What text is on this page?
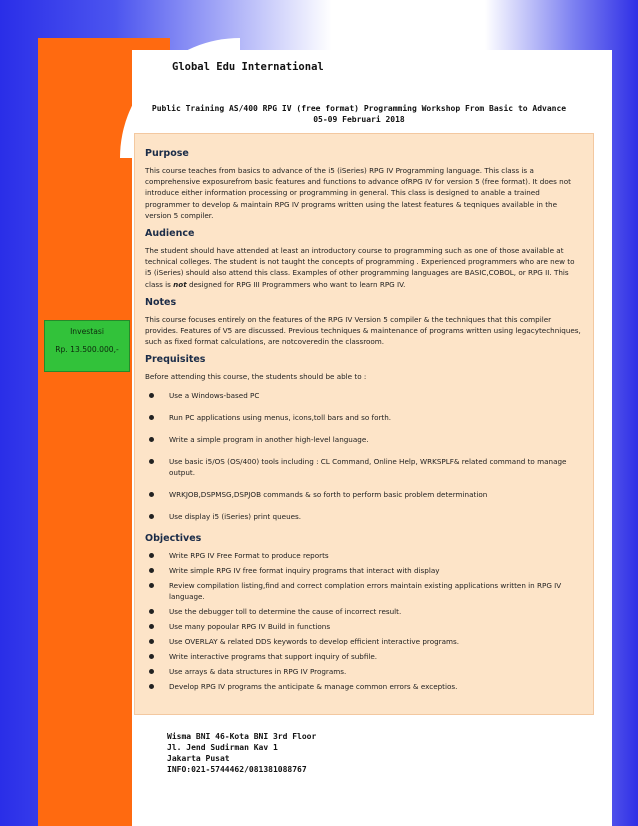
Global Edu International
Public Training AS/400 RPG IV (free format) Programming Workshop From Basic to Advance
05-09 Februari 2018
Investasi
Rp. 13.500.000,-
Purpose
This course teaches from basics to advance of the i5 (iSeries) RPG IV Programming language. This class is a comprehensive exposurefrom basic features and functions to advance ofRPG IV for version 5 (free format). It does not introduce either information processing or programming in general. This class is designed to anable a trained programmer to develop & maintain RPG IV programs written using the latest features & teqniques available in the version 5 compiler.
Audience
The student should have attended at least an introductory course to programming such as one of those available at technical colleges. The student is not taught the concepts of programming . Experienced programmers who are new to i5 (iSeries) should also attend this class. Examples of other programming languages are BASIC,COBOL, or RPG II. This class is not designed for RPG III Programmers who want to learn RPG IV.
Notes
This course focuses entirely on the features of the RPG IV Version 5 compiler & the techniques that this compiler provides. Features of V5 are discussed. Previous techniques & maintenance of programs written using legacytechniques, such as fixed format calculations, are notcoveredin the classroom.
Prequisites
Before attending this course, the students should be able to :
Use a Windows-based PC
Run PC applications using menus, icons,toll bars and so forth.
Write a simple program in another high-level language.
Use basic i5/OS (OS/400) tools including : CL Command, Online Help, WRKSPLF& related command to manage output.
WRKJOB,DSPMSG,DSPJOB commands & so forth to perform basic problem determination
Use display i5 (iSeries) print queues.
Objectives
Write RPG IV Free Format to produce reports
Write simple RPG IV free format inquiry programs that interact with display
Review compilation listing,find and correct complation errors maintain existing applications written in RPG IV language.
Use the debugger toll to determine the cause of incorrect result.
Use many popoular RPG IV Build in functions
Use OVERLAY & related DDS keywords to develop efficient interactive programs.
Write interactive programs that support inquiry of subfile.
Use arrays & data structures in RPG IV Programs.
Develop RPG IV programs the anticipate & manage common errors & exceptios.
Wisma BNI 46-Kota BNI 3rd Floor
Jl. Jend Sudirman Kav 1
Jakarta Pusat
INFO:021-5744462/081381088767
